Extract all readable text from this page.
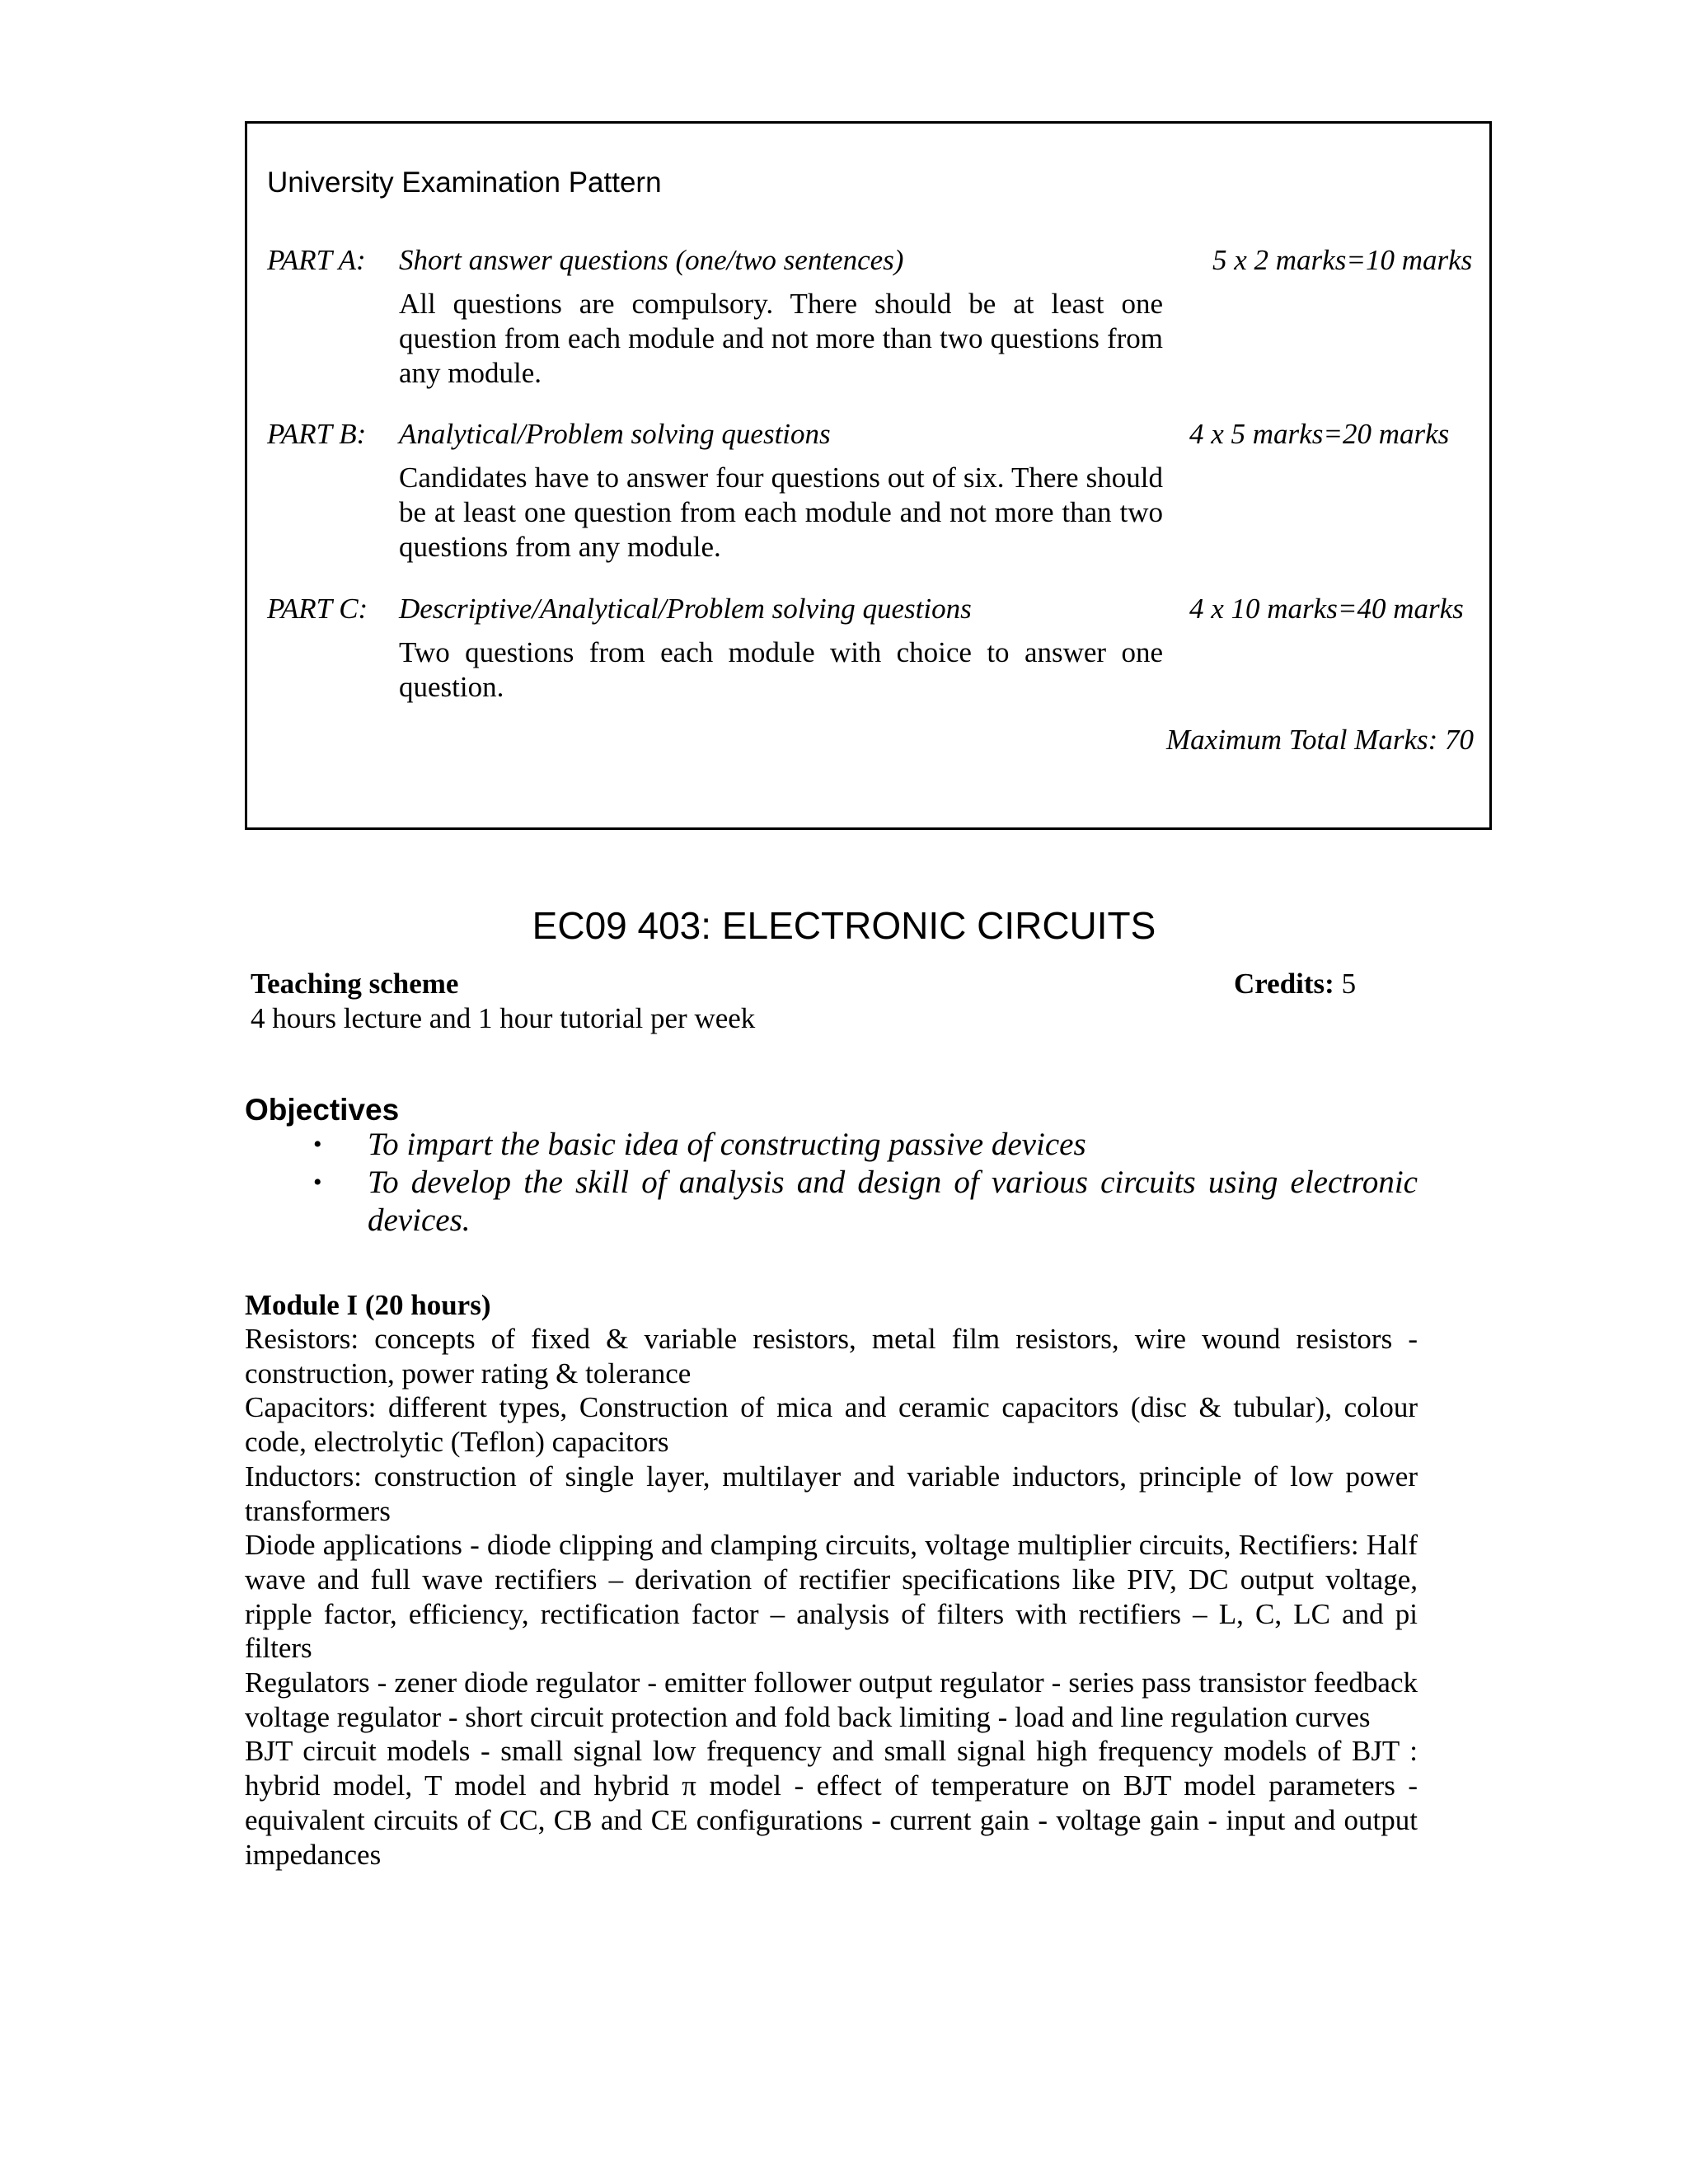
University Examination Pattern
PART A: Short answer questions (one/two sentences)	5 x 2 marks=10 marks
All questions are compulsory. There should be at least one question from each module and not more than two questions from any module.
PART B: Analytical/Problem solving questions	4 x 5 marks=20 marks
Candidates have to answer four questions out of six. There should be at least one question from each module and not more than two questions from any module.
PART C: Descriptive/Analytical/Problem solving questions	4 x 10 marks=40 marks
Two questions from each module with choice to answer one question.
Maximum Total Marks: 70
EC09 403: ELECTRONIC CIRCUITS
Teaching scheme	Credits: 5
4 hours lecture and 1 hour tutorial per week
Objectives
• To impart the basic idea of constructing passive devices
• To develop the skill of analysis and design of various circuits using electronic devices.
Module I (20 hours)

Resistors: concepts of fixed & variable resistors, metal film resistors, wire wound resistors - construction, power rating & tolerance

Capacitors: different types, Construction of mica and ceramic capacitors (disc & tubular), colour code, electrolytic (Teflon) capacitors

Inductors: construction of single layer, multilayer and variable inductors, principle of low power transformers

Diode applications - diode clipping and clamping circuits, voltage multiplier circuits, Rectifiers: Half wave and full wave rectifiers – derivation of rectifier specifications like PIV, DC output voltage, ripple factor, efficiency, rectification factor – analysis of filters with rectifiers – L, C, LC and pi filters

Regulators - zener diode regulator - emitter follower output regulator - series pass transistor feedback voltage regulator - short circuit protection and fold back limiting - load and line regulation curves

BJT circuit models - small signal low frequency and small signal high frequency models of BJT : hybrid model, T model and hybrid π model - effect of temperature on BJT model parameters - equivalent circuits of CC, CB and CE configurations - current gain - voltage gain - input and output impedances
